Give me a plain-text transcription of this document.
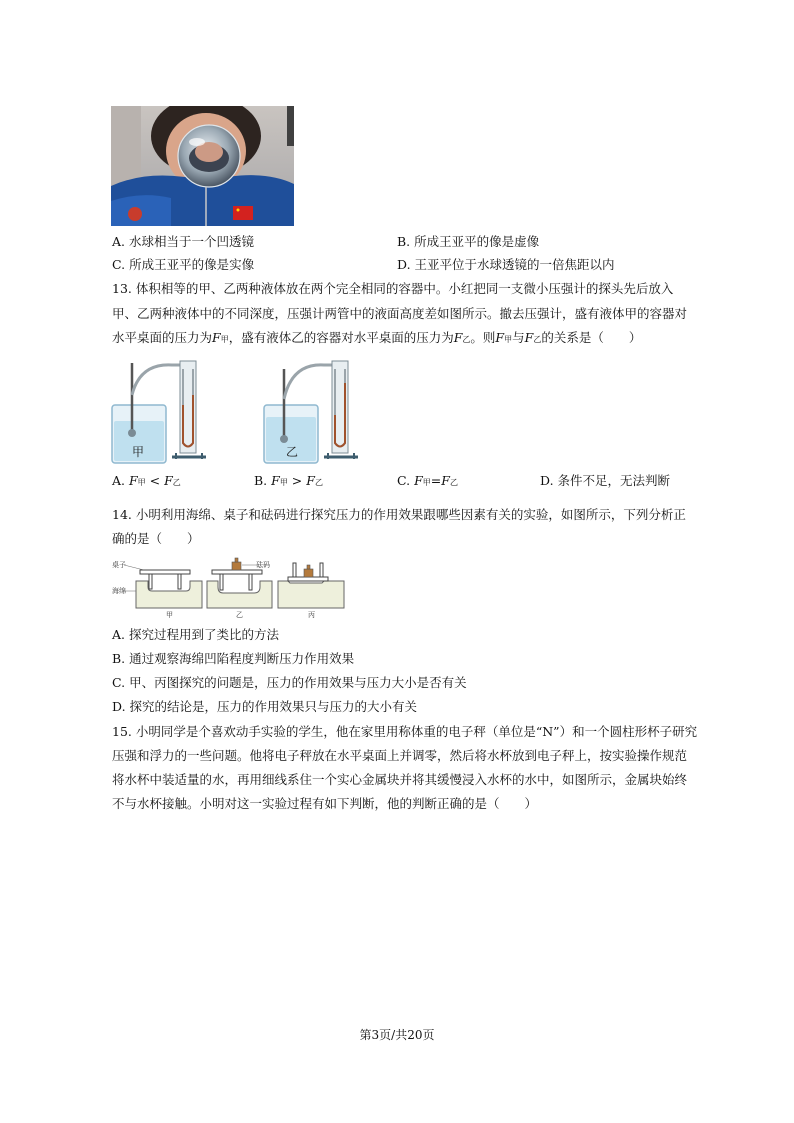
A. 水球相当于一个凹透镜	B. 所成王亚平的像是虚像
C. 所成王亚平的像是实像	D. 王亚平位于水球透镜的一倍焦距以内
13. 体积相等的甲、乙两种液体放在两个完全相同的容器中。小红把同一支微小压强计的探头先后放入
甲、乙两种液体中的不同深度，压强计两管中的液面高度差如图所示。撤去压强计，盛有液体甲的容器对
水平桌面的压力为F甲，盛有液体乙的容器对水平桌面的压力为F乙。则F甲与F乙的关系是（　　）
甲	乙
A. F甲 < F乙	B. F甲 > F乙	C. F甲=F乙	D. 条件不足，无法判断
14. 小明利用海绵、桌子和砝码进行探究压力的作用效果跟哪些因素有关的实验，如图所示，下列分析正
确的是（　　）
桌子
海绵
甲
砝码
乙	丙
A. 探究过程用到了类比的方法
B. 通过观察海绵凹陷程度判断压力作用效果
C. 甲、丙图探究的问题是，压力的作用效果与压力大小是否有关
D. 探究的结论是，压力的作用效果只与压力的大小有关
15. 小明同学是个喜欢动手实验的学生，他在家里用称体重的电子秤（单位是“N”）和一个圆柱形杯子研究
压强和浮力的一些问题。他将电子秤放在水平桌面上并调零，然后将水杯放到电子秤上，按实验操作规范
将水杯中装适量的水，再用细线系住一个实心金属块并将其缓慢浸入水杯的水中，如图所示，金属块始终
不与水杯接触。小明对这一实验过程有如下判断，他的判断正确的是（　　）
第3页/共20页
